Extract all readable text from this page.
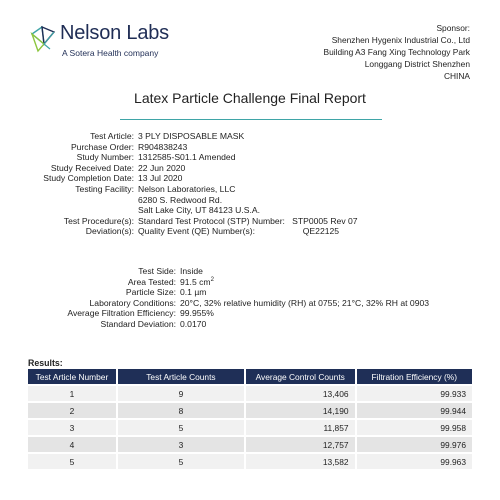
Nelson Labs
A Sotera Health company
Sponsor:
Shenzhen Hygenix Industrial Co., Ltd
Building A3 Fang Xing Technology Park
Longgang District Shenzhen
CHINA
Latex Particle Challenge Final Report
Test Article: 3 PLY DISPOSABLE MASK
Purchase Order: R904838243
Study Number: 1312585-S01.1 Amended
Study Received Date: 22 Jun 2020
Study Completion Date: 13 Jul 2020
Testing Facility: Nelson Laboratories, LLC
6280 S. Redwood Rd.
Salt Lake City, UT 84123 U.S.A.
Test Procedure(s): Standard Test Protocol (STP) Number:   STP0005 Rev 07
Deviation(s): Quality Event (QE) Number(s):                    QE22125
Test Side: Inside
Area Tested: 91.5 $cm^2$
Particle Size: 0.1 µm
Laboratory Conditions: 20°C, 32% relative humidity (RH) at 0755; 21°C, 32% RH at 0903
Average Filtration Efficiency: 99.955%
Standard Deviation: 0.0170
Results:
Test Article Number	Test Article Counts	Average Control Counts	Filtration Efficiency (%)
1	9	13,406	99.933
2	8	14,190	99.944
3	5	11,857	99.958
4	3	12,757	99.976
5	5	13,582	99.963
